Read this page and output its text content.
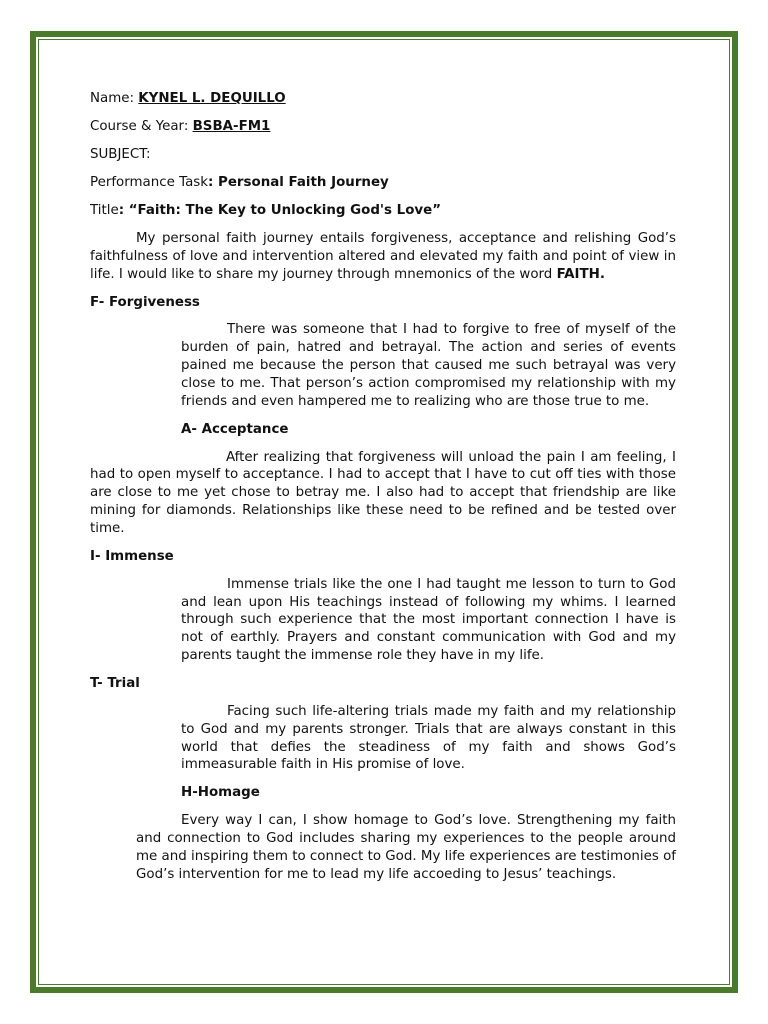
Name: KYNEL L. DEQUILLO
Course & Year: BSBA-FM1
SUBJECT:
Performance Task: Personal Faith Journey
Title: “Faith: The Key to Unlocking God's Love”

My personal faith journey entails forgiveness, acceptance and relishing God’s faithfulness of love and intervention altered and elevated my faith and point of view in life. I would like to share my journey through mnemonics of the word FAITH.

F- Forgiveness

There was someone that I had to forgive to free of myself of the burden of pain, hatred and betrayal. The action and series of events pained me because the person that caused me such betrayal was very close to me. That person’s action compromised my relationship with my friends and even hampered me to realizing who are those true to me.

A- Acceptance

After realizing that forgiveness will unload the pain I am feeling, I had to open myself to acceptance. I had to accept that I have to cut off ties with those are close to me yet chose to betray me. I also had to accept that friendship are like mining for diamonds. Relationships like these need to be refined and be tested over time.

I- Immense

Immense trials like the one I had taught me lesson to turn to God and lean upon His teachings instead of following my whims. I learned through such experience that the most important connection I have is not of earthly. Prayers and constant communication with God and my parents taught the immense role they have in my life.

T- Trial

Facing such life-altering trials made my faith and my relationship to God and my parents stronger. Trials that are always constant in this world that defies the steadiness of my faith and shows God’s immeasurable faith in His promise of love.

H-Homage

Every way I can, I show homage to God’s love. Strengthening my faith and connection to God includes sharing my experiences to the people around me and inspiring them to connect to God. My life experiences are testimonies of God’s intervention for me to lead my life accoeding to Jesus’ teachings.
